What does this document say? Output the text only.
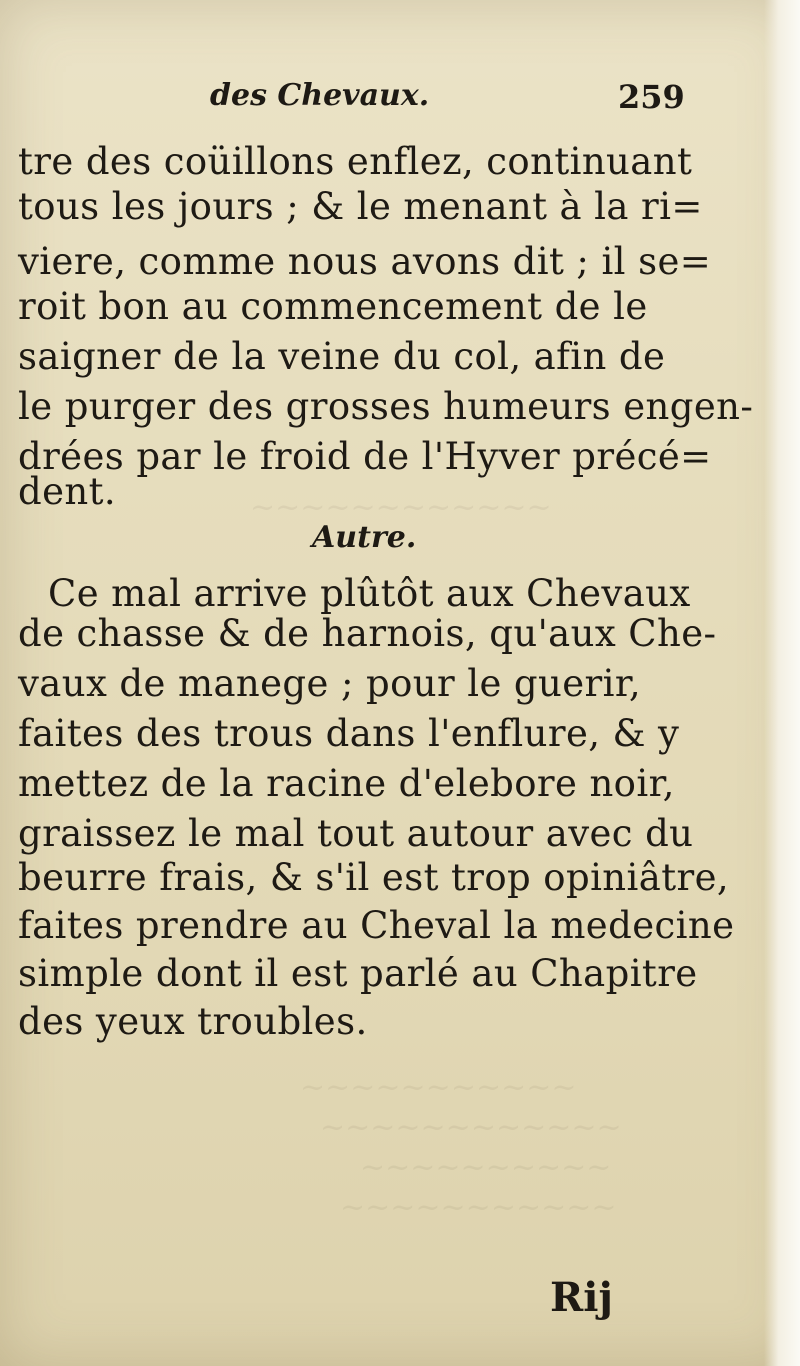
~~~~~~~~~~~~
~~~~~~~~~~~
~~~~~~~~~~~~
~~~~~~~~~~
~~~~~~~~~~~
des Chevaux.	259
tre des coüillons enflez, continuant
tous les jours ; & le menant à la ri=
viere, comme nous avons dit ; il se=
roit bon au commencement de le
saigner de la veine du col, afin de
le purger des grosses humeurs engen-
drées par le froid de l'Hyver précé=
dent.
Autre.
Ce mal arrive plûtôt aux Chevaux
de chasse & de harnois, qu'aux Che-
vaux de manege ; pour le guerir,
faites des trous dans l'enflure, & y
mettez de la racine d'elebore noir,
graissez le mal tout autour avec du
beurre frais, & s'il est trop opiniâtre,
faites prendre au Cheval la medecine
simple dont il est parlé au Chapitre
des yeux troubles.
Rij
